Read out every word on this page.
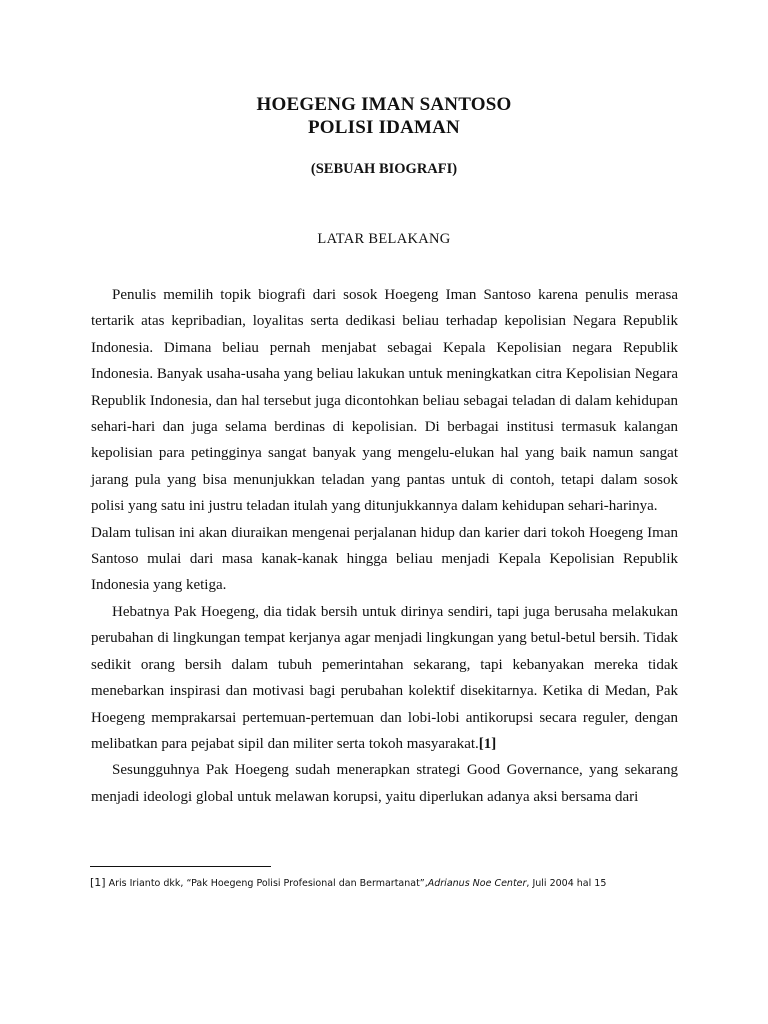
HOEGENG IMAN SANTOSO
POLISI IDAMAN
(SEBUAH BIOGRAFI)
LATAR BELAKANG

Penulis memilih topik biografi dari sosok Hoegeng Iman Santoso karena penulis merasa tertarik atas kepribadian, loyalitas serta dedikasi beliau terhadap kepolisian Negara Republik Indonesia. Dimana beliau pernah menjabat sebagai Kepala Kepolisian negara Republik Indonesia. Banyak usaha-usaha yang beliau lakukan untuk meningkatkan citra Kepolisian Negara Republik Indonesia, dan hal tersebut juga dicontohkan beliau sebagai teladan di dalam kehidupan sehari-hari dan juga selama berdinas di kepolisian. Di berbagai institusi termasuk kalangan kepolisian para petingginya sangat banyak yang mengelu-elukan hal yang baik namun sangat jarang pula yang bisa menunjukkan teladan yang pantas untuk di contoh, tetapi dalam sosok polisi yang satu ini justru teladan itulah yang ditunjukkannya dalam kehidupan sehari-harinya.

Dalam tulisan ini akan diuraikan mengenai perjalanan hidup dan karier dari tokoh Hoegeng Iman Santoso mulai dari masa kanak-kanak hingga beliau menjadi Kepala Kepolisian Republik Indonesia yang ketiga.

Hebatnya Pak Hoegeng, dia tidak bersih untuk dirinya sendiri, tapi juga berusaha melakukan perubahan di lingkungan tempat kerjanya agar menjadi lingkungan yang betul-betul bersih. Tidak sedikit orang bersih dalam tubuh pemerintahan sekarang, tapi kebanyakan mereka tidak menebarkan inspirasi dan motivasi bagi perubahan kolektif disekitarnya. Ketika di Medan, Pak Hoegeng memprakarsai pertemuan-pertemuan dan lobi-lobi antikorupsi secara reguler, dengan melibatkan para pejabat sipil dan militer serta tokoh masyarakat.[1]

Sesungguhnya Pak Hoegeng sudah menerapkan strategi Good Governance, yang sekarang menjadi ideologi global untuk melawan korupsi, yaitu diperlukan adanya aksi bersama dari

[1] Aris Irianto dkk, “Pak Hoegeng Polisi Profesional dan Bermartanat”,Adrianus Noe Center, Juli 2004 hal 15
